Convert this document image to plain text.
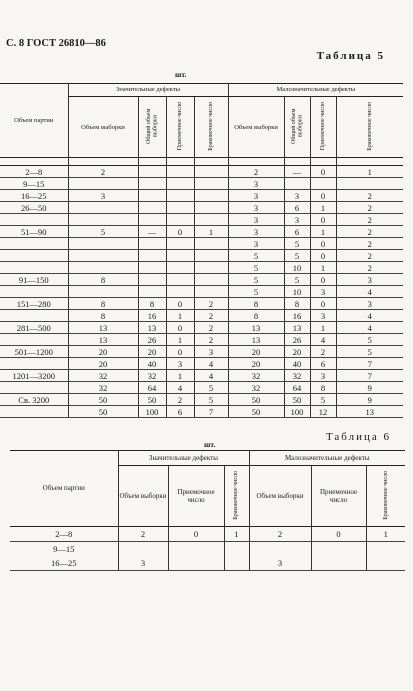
С. 8 ГОСТ 26810—86
Таблица 5
шт.
Объем партии	Значительные дефекты				Малозначительные дефекты			
	Объем выборки	Общий объем выборки	Приемочное число	Браковочное число	Объем выборки	Общий объем выборки	Приемочное число	Браковочное число

2—8	2				2	—	0	1
9—15					3			
16—25	3				3	3	0	2
26—50					3	6	1	2
					3	3	0	2
51—90	5	—	0	1	3	6	1	2
					3	5	0	2
					5	5	0	2
					5	10	1	2
91—150	8				5	5	0	3
					5	10	3	4
151—280	8	8	0	2	8	8	0	3
	8	16	1	2	8	16	3	4
281—500	13	13	0	2	13	13	1	4
	13	26	1	2	13	26	4	5
501—1200	20	20	0	3	20	20	2	5
	20	40	3	4	20	40	6	7
1201—3200	32	32	1	4	32	32	3	7
	32	64	4	5	32	64	8	9
Св. 3200	50	50	2	5	50	50	5	9
	50	100	6	7	50	100	12	13
Таблица 6
шт.
Объем партии	Значительные дефекты			Малозначительные дефекты		
	Объем выборки	Приемочное число	Браковочное число	Объем выборки	Приемочное число	Браковочное число
2—8	2	0	1	2	0	1
9—15						
16—25	3			3		
